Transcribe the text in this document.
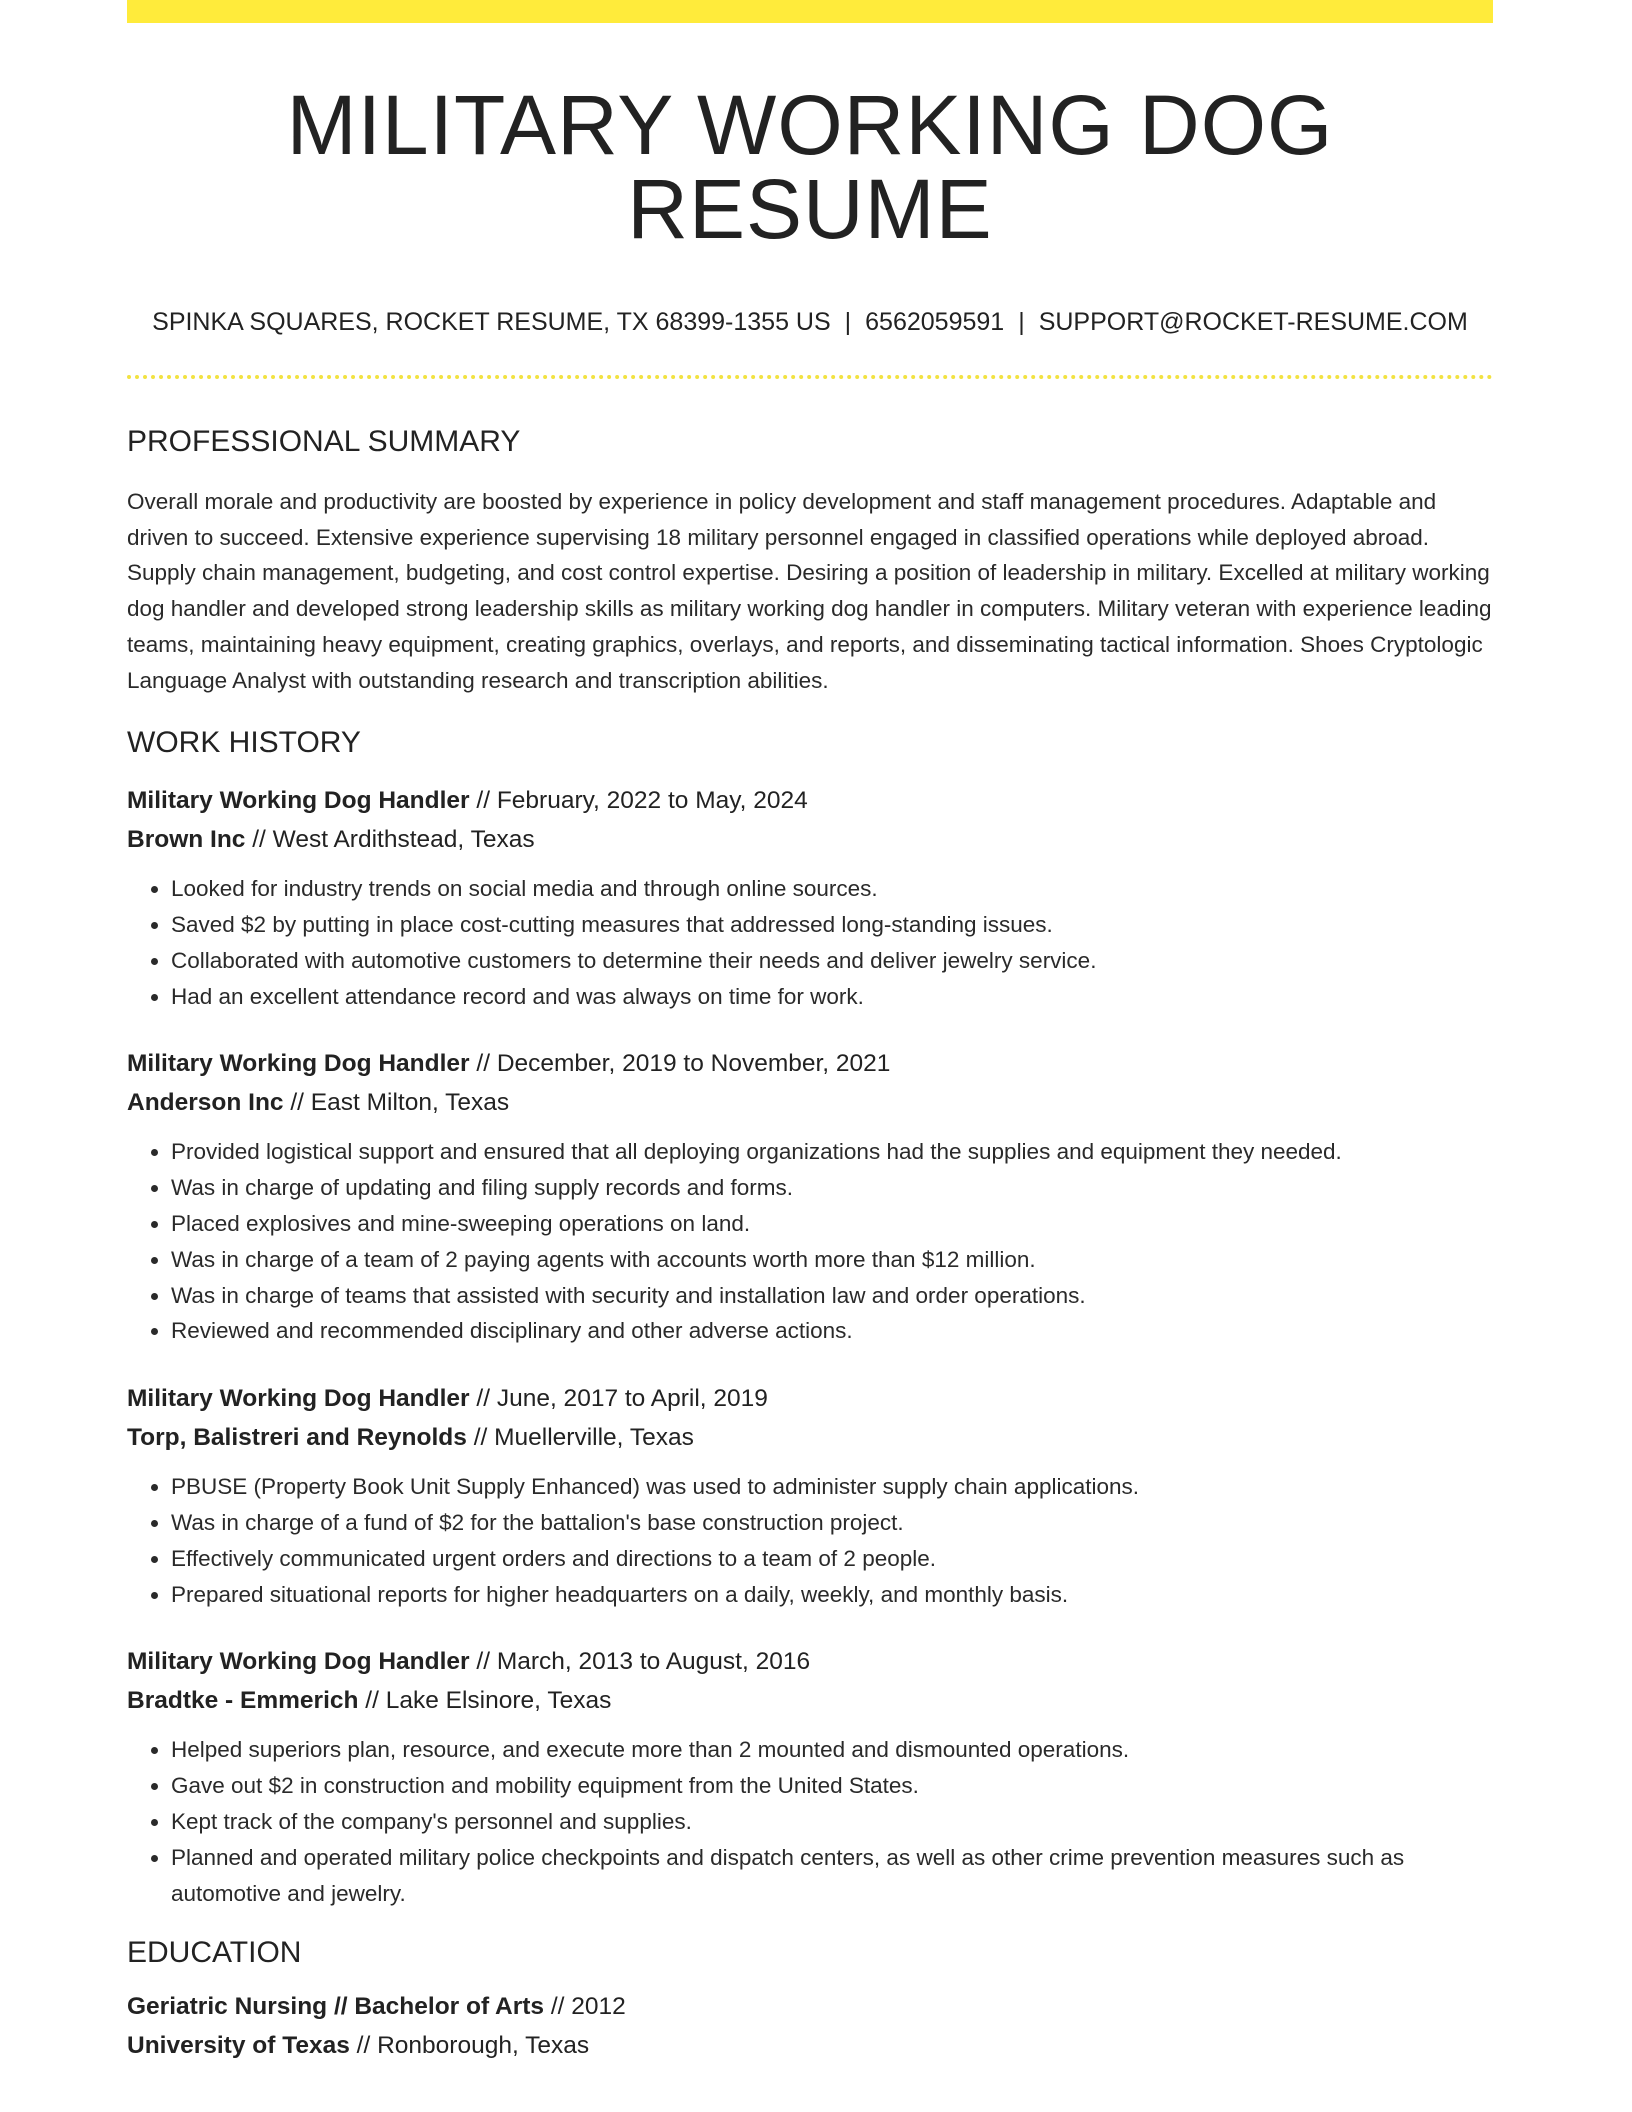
MILITARY WORKING DOG RESUME
SPINKA SQUARES, ROCKET RESUME, TX 68399-1355 US | 6562059591 | SUPPORT@ROCKET-RESUME.COM
PROFESSIONAL SUMMARY
Overall morale and productivity are boosted by experience in policy development and staff management procedures. Adaptable and driven to succeed. Extensive experience supervising 18 military personnel engaged in classified operations while deployed abroad. Supply chain management, budgeting, and cost control expertise. Desiring a position of leadership in military. Excelled at military working dog handler and developed strong leadership skills as military working dog handler in computers. Military veteran with experience leading teams, maintaining heavy equipment, creating graphics, overlays, and reports, and disseminating tactical information. Shoes Cryptologic Language Analyst with outstanding research and transcription abilities.
WORK HISTORY
Military Working Dog Handler // February, 2022 to May, 2024
Brown Inc // West Ardithstead, Texas
• Looked for industry trends on social media and through online sources.
• Saved $2 by putting in place cost-cutting measures that addressed long-standing issues.
• Collaborated with automotive customers to determine their needs and deliver jewelry service.
• Had an excellent attendance record and was always on time for work.
Military Working Dog Handler // December, 2019 to November, 2021
Anderson Inc // East Milton, Texas
• Provided logistical support and ensured that all deploying organizations had the supplies and equipment they needed.
• Was in charge of updating and filing supply records and forms.
• Placed explosives and mine-sweeping operations on land.
• Was in charge of a team of 2 paying agents with accounts worth more than $12 million.
• Was in charge of teams that assisted with security and installation law and order operations.
• Reviewed and recommended disciplinary and other adverse actions.
Military Working Dog Handler // June, 2017 to April, 2019
Torp, Balistreri and Reynolds // Muellerville, Texas
• PBUSE (Property Book Unit Supply Enhanced) was used to administer supply chain applications.
• Was in charge of a fund of $2 for the battalion's base construction project.
• Effectively communicated urgent orders and directions to a team of 2 people.
• Prepared situational reports for higher headquarters on a daily, weekly, and monthly basis.
Military Working Dog Handler // March, 2013 to August, 2016
Bradtke - Emmerich // Lake Elsinore, Texas
• Helped superiors plan, resource, and execute more than 2 mounted and dismounted operations.
• Gave out $2 in construction and mobility equipment from the United States.
• Kept track of the company's personnel and supplies.
• Planned and operated military police checkpoints and dispatch centers, as well as other crime prevention measures such as automotive and jewelry.
EDUCATION
Geriatric Nursing // Bachelor of Arts // 2012
University of Texas // Ronborough, Texas
